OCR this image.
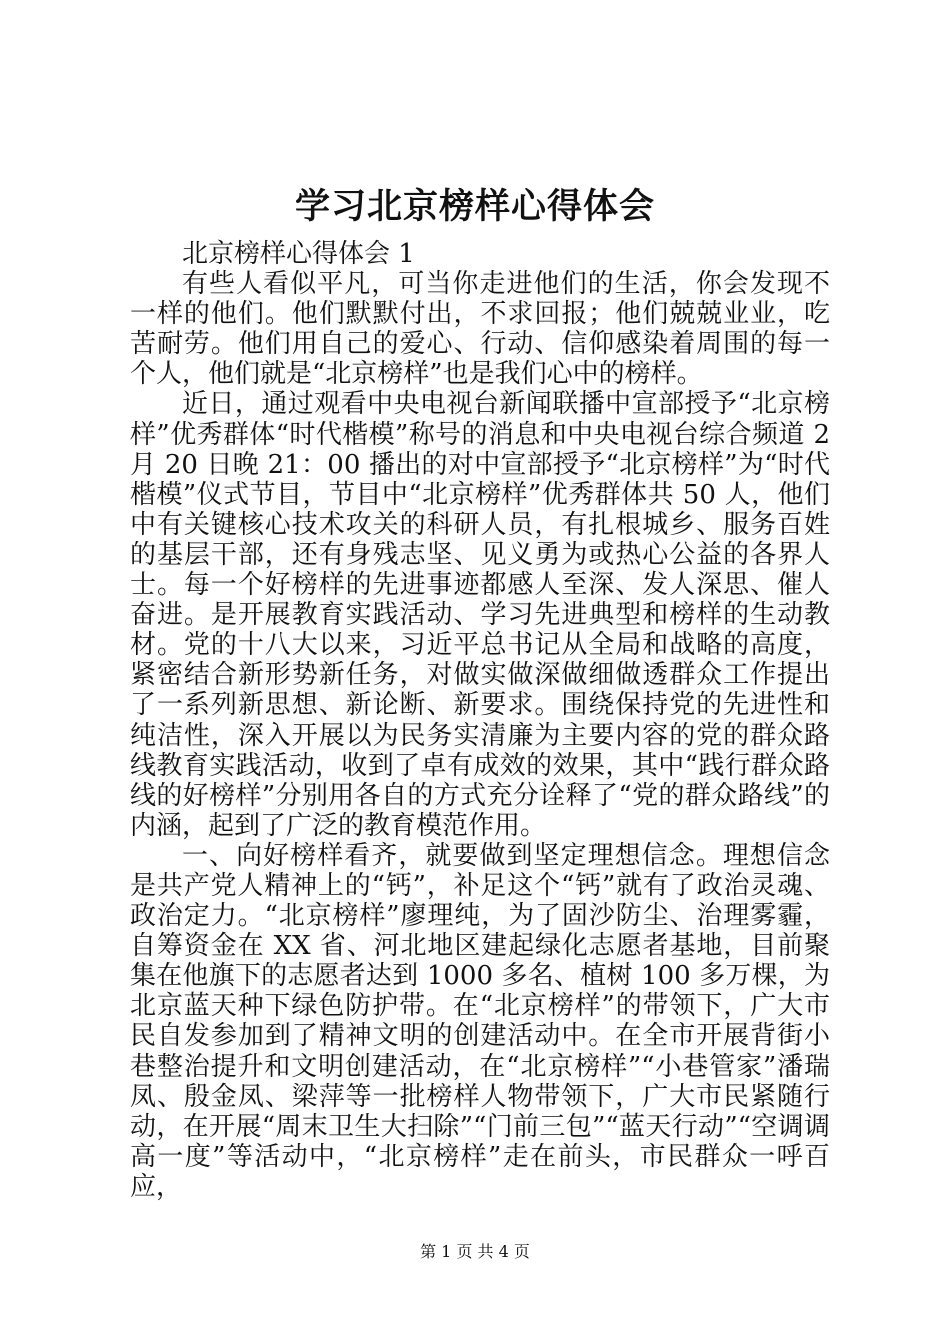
学习北京榜样心得体会

北京榜样心得体会 1

有些人看似平凡，可当你走进他们的生活，你会发现不一样的他们。他们默默付出，不求回报；他们兢兢业业，吃苦耐劳。他们用自己的爱心、行动、信仰感染着周围的每一个人，他们就是“北京榜样”也是我们心中的榜样。

近日，通过观看中央电视台新闻联播中宣部授予“北京榜样”优秀群体“时代楷模”称号的消息和中央电视台综合频道 2 月 20 日晚 21：00 播出的对中宣部授予“北京榜样”为“时代楷模”仪式节目，节目中“北京榜样”优秀群体共 50 人，他们中有关键核心技术攻关的科研人员，有扎根城乡、服务百姓的基层干部，还有身残志坚、见义勇为或热心公益的各界人士。每一个好榜样的先进事迹都感人至深、发人深思、催人奋进。是开展教育实践活动、学习先进典型和榜样的生动教材。党的十八大以来，习近平总书记从全局和战略的高度，紧密结合新形势新任务，对做实做深做细做透群众工作提出了一系列新思想、新论断、新要求。围绕保持党的先进性和纯洁性，深入开展以为民务实清廉为主要内容的党的群众路线教育实践活动，收到了卓有成效的效果，其中“践行群众路线的好榜样”分别用各自的方式充分诠释了“党的群众路线”的内涵，起到了广泛的教育模范作用。

一、向好榜样看齐，就要做到坚定理想信念。理想信念是共产党人精神上的“钙”，补足这个“钙”就有了政治灵魂、政治定力。“北京榜样”廖理纯，为了固沙防尘、治理雾霾，自筹资金在 XX 省、河北地区建起绿化志愿者基地，目前聚集在他旗下的志愿者达到 1000 多名、植树 100 多万棵，为北京蓝天种下绿色防护带。在“北京榜样”的带领下，广大市民自发参加到了精神文明的创建活动中。在全市开展背街小巷整治提升和文明创建活动，在“北京榜样”“小巷管家”潘瑞凤、殷金凤、梁萍等一批榜样人物带领下，广大市民紧随行动，在开展“周末卫生大扫除”“门前三包”“蓝天行动”“空调调高一度”等活动中，“北京榜样”走在前头，市民群众一呼百应，

第 1 页 共 4 页
